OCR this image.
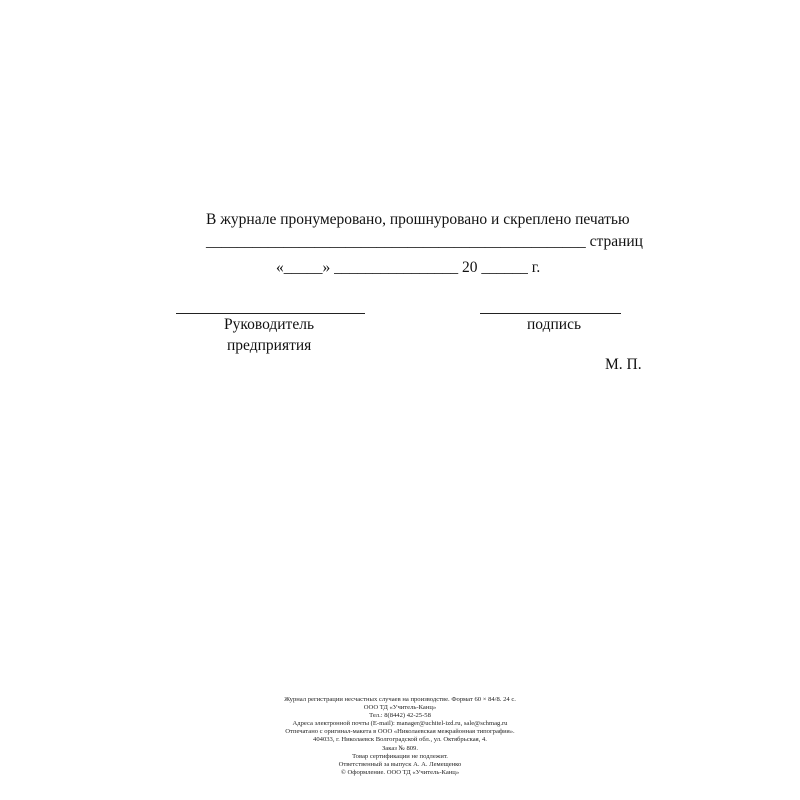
В журнале пронумеровано, прошнуровано и скреплено печатью
_________________________________________________ страниц
«_____» ________________ 20 ______ г.
Руководитель
предприятия
подпись
М. П.
Журнал регистрации несчастных случаев на производстве. Формат 60 × 84/8. 24 с.
ООО ТД «Учитель-Канц»
Тел.: 8(8442) 42-25-58
Адреса электронной почты (E-mail): manager@uchitel-izd.ru, sale@schmag.ru
Отпечатано с оригинал-макета в ООО «Николаевская межрайонная типография».
404033, г. Николаевск Волгоградской обл., ул. Октябрьская, 4.
Заказ № 809.
Товар сертификации не подлежит.
Ответственный за выпуск А. А. Лемещенко
© Оформление. ООО ТД «Учитель-Канц»
